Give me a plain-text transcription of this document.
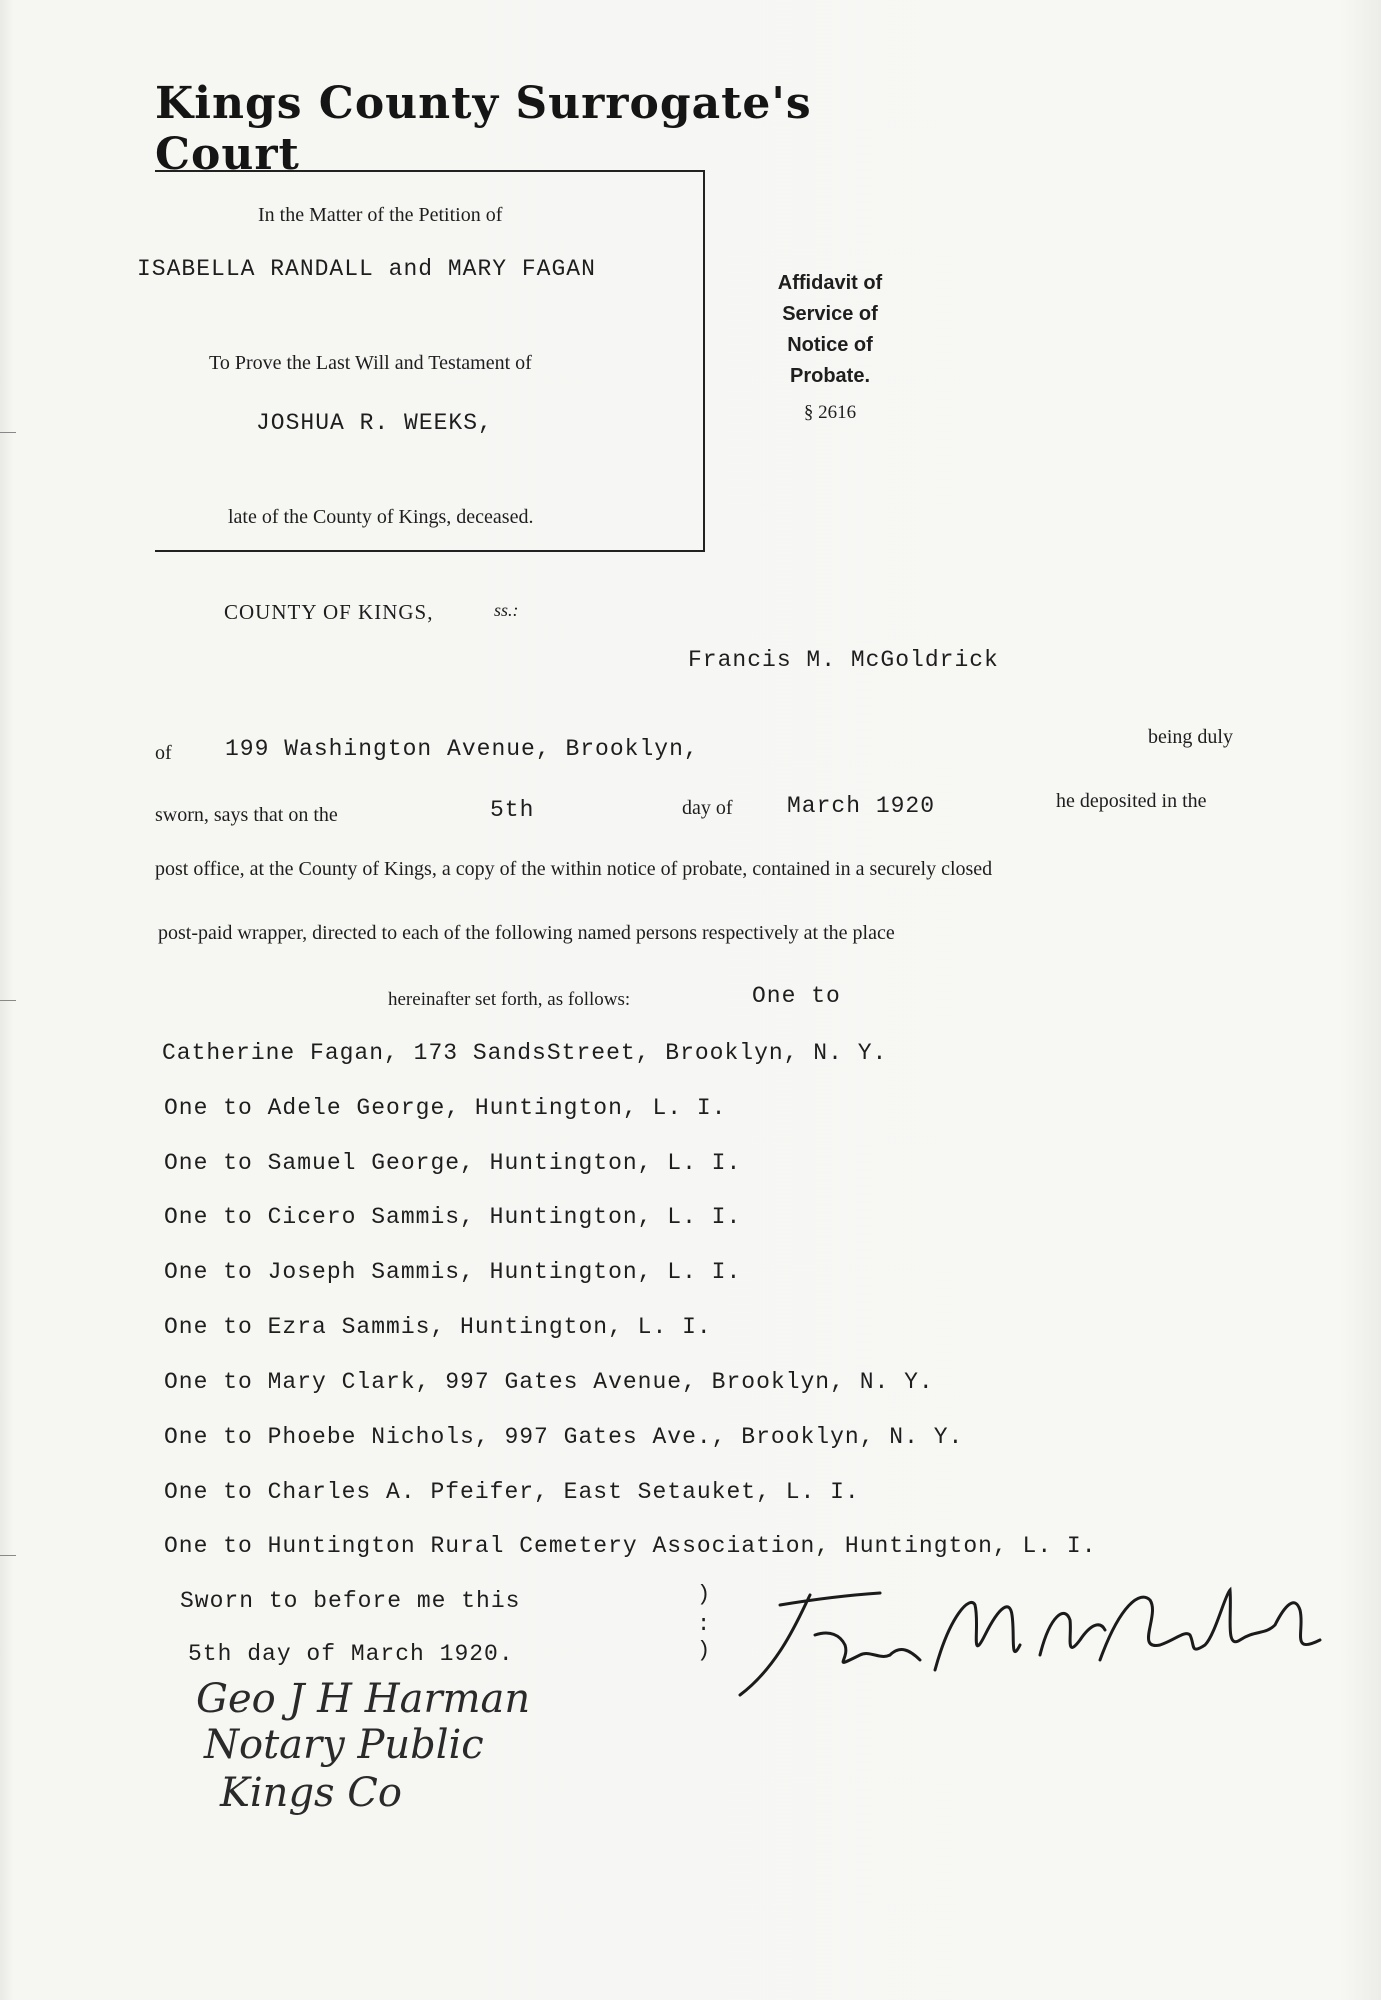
Kings County Surrogate's Court
In the Matter of the Petition of
ISABELLA RANDALL and MARY FAGAN
To Prove the Last Will and Testament of
JOSHUA R. WEEKS,
late of the County of Kings, deceased.
Affidavit of
Service of
Notice of
Probate.
§ 2616
COUNTY OF KINGS,	ss.:
Francis M. McGoldrick
of 199 Washington Avenue, Brooklyn,	being duly
sworn, says that on the	5th	day of March 1920	he deposited in the
post office, at the County of Kings, a copy of the within notice of probate, contained in a securely closed
post-paid wrapper, directed to each of the following named persons respectively at the place
hereinafter set forth, as follows:	One to
Catherine Fagan, 173 SandsStreet, Brooklyn, N. Y.
One to Adele George, Huntington, L. I.
One to Samuel George, Huntington, L. I.
One to Cicero Sammis, Huntington, L. I.
One to Joseph Sammis, Huntington, L. I.
One to Ezra Sammis, Huntington, L. I.
One to Mary Clark, 997 Gates Avenue, Brooklyn, N. Y.
One to Phoebe Nichols, 997 Gates Ave., Brooklyn, N. Y.
One to Charles A. Pfeifer, East Setauket, L. I.
One to Huntington Rural Cemetery Association, Huntington, L. I.
Sworn to before me this
5th day of March 1920.
)
:
)
Geo J H Harman
Notary Public
Kings Co
